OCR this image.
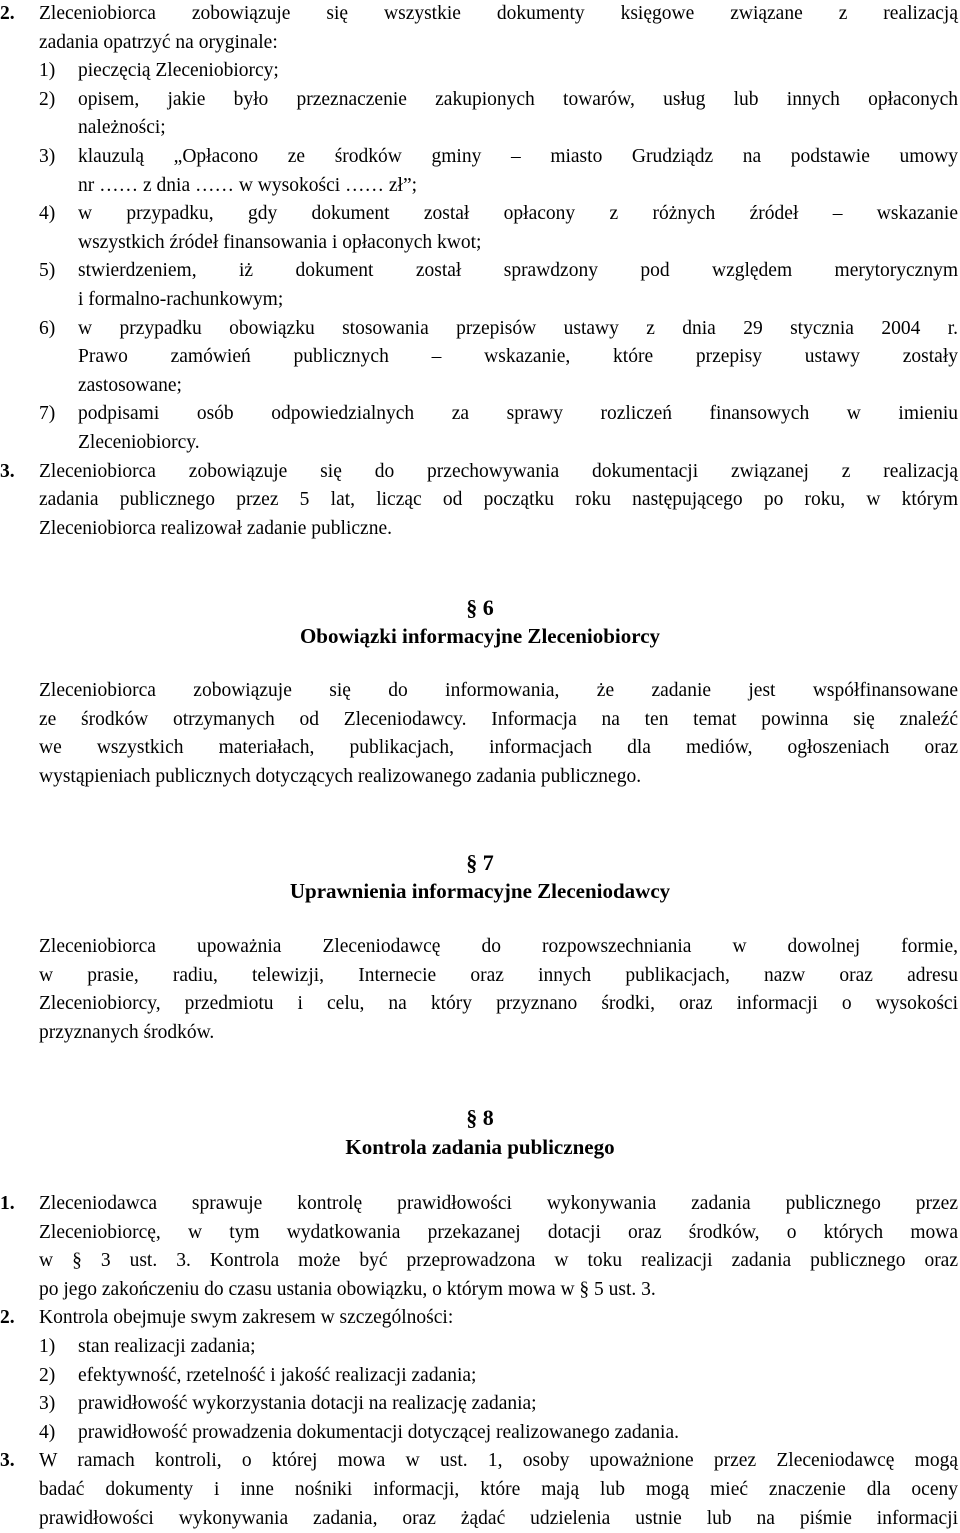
2.	Zleceniobiorca zobowiązuje się wszystkie dokumenty księgowe związane z realizacją
zadania opatrzyć na oryginale:
1)	pieczęcią Zleceniobiorcy;
2)	opisem, jakie było przeznaczenie zakupionych towarów, usług lub innych opłaconych
należności;
3)	klauzulą „Opłacono ze środków gminy – miasto Grudziądz na podstawie umowy
nr …… z dnia …… w wysokości …… zł”;
4)	w przypadku, gdy dokument został opłacony z różnych źródeł – wskazanie
wszystkich źródeł finansowania i opłaconych kwot;
5)	stwierdzeniem, iż dokument został sprawdzony pod względem merytorycznym
i formalno-rachunkowym;
6)	w przypadku obowiązku stosowania przepisów ustawy z dnia 29 stycznia 2004 r.
Prawo zamówień publicznych – wskazanie, które przepisy ustawy zostały
zastosowane;
7)	podpisami osób odpowiedzialnych za sprawy rozliczeń finansowych w imieniu
Zleceniobiorcy.
3.	Zleceniobiorca zobowiązuje się do przechowywania dokumentacji związanej z realizacją
zadania publicznego przez 5 lat, licząc od początku roku następującego po roku, w którym
Zleceniobiorca realizował zadanie publiczne.
§ 6
Obowiązki informacyjne Zleceniobiorcy
Zleceniobiorca zobowiązuje się do informowania, że zadanie jest współfinansowane
ze środków otrzymanych od Zleceniodawcy. Informacja na ten temat powinna się znaleźć
we wszystkich materiałach, publikacjach, informacjach dla mediów, ogłoszeniach oraz
wystąpieniach publicznych dotyczących realizowanego zadania publicznego.
§ 7
Uprawnienia informacyjne Zleceniodawcy
Zleceniobiorca upoważnia Zleceniodawcę do rozpowszechniania w dowolnej formie,
w prasie, radiu, telewizji, Internecie oraz innych publikacjach, nazw oraz adresu
Zleceniobiorcy, przedmiotu i celu, na który przyznano środki, oraz informacji o wysokości
przyznanych środków.
§ 8
Kontrola zadania publicznego
1.	Zleceniodawca sprawuje kontrolę prawidłowości wykonywania zadania publicznego przez
Zleceniobiorcę, w tym wydatkowania przekazanej dotacji oraz środków, o których mowa
w § 3 ust. 3. Kontrola może być przeprowadzona w toku realizacji zadania publicznego oraz
po jego zakończeniu do czasu ustania obowiązku, o którym mowa w § 5 ust. 3.
2.	Kontrola obejmuje swym zakresem w szczególności:
1)	stan realizacji zadania;
2)	efektywność, rzetelność i jakość realizacji zadania;
3)	prawidłowość wykorzystania dotacji na realizację zadania;
4)	prawidłowość prowadzenia dokumentacji dotyczącej realizowanego zadania.
3.	W ramach kontroli, o której mowa w ust. 1, osoby upoważnione przez Zleceniodawcę mogą
badać dokumenty i inne nośniki informacji, które mają lub mogą mieć znaczenie dla oceny
prawidłowości wykonywania zadania, oraz żądać udzielenia ustnie lub na piśmie informacji
